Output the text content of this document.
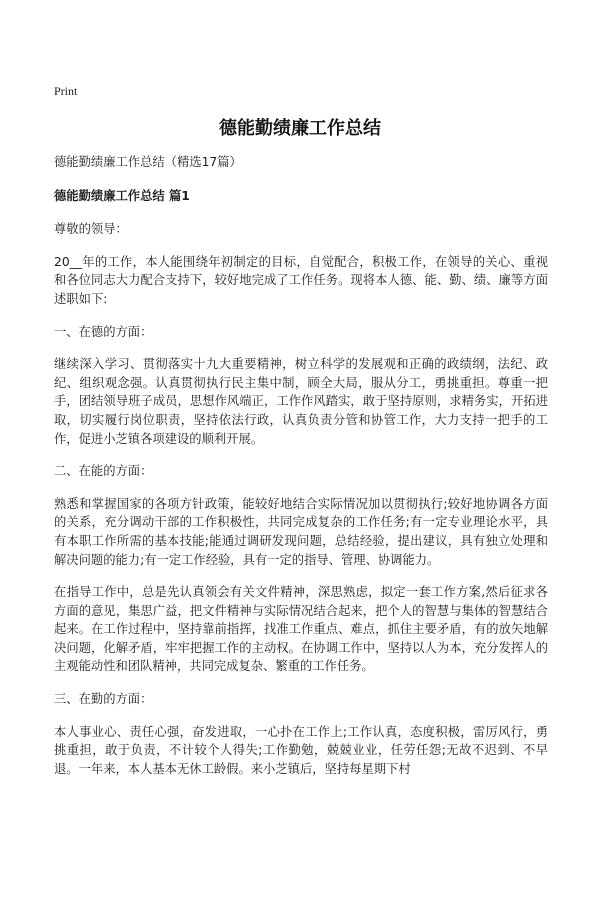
Print
德能勤绩廉工作总结

德能勤绩廉工作总结（精选17篇）

德能勤绩廉工作总结 篇1

尊敬的领导：

20__年的工作，本人能围绕年初制定的目标，自觉配合，积极工作，在领导的关心、重视和各位同志大力配合支持下，较好地完成了工作任务。现将本人德、能、勤、绩、廉等方面述职如下:

一、在德的方面：

继续深入学习、贯彻落实十九大重要精神，树立科学的发展观和正确的政绩纲，法纪、政纪、组织观念强。认真贯彻执行民主集中制，顾全大局，服从分工，勇挑重担。尊重一把手，团结领导班子成员，思想作风端正，工作作风踏实，敢于坚持原则，求精务实，开拓进取，切实履行岗位职责，坚持依法行政，认真负责分管和协管工作，大力支持一把手的工作，促进小芝镇各项建设的顺利开展。

二、在能的方面：

熟悉和掌握国家的各项方针政策，能较好地结合实际情况加以贯彻执行;较好地协调各方面的关系，充分调动干部的工作积极性，共同完成复杂的工作任务;有一定专业理论水平，具有本职工作所需的基本技能;能通过调研发现问题，总结经验，提出建议，具有独立处理和解决问题的能力;有一定工作经验，具有一定的指导、管理、协调能力。

在指导工作中，总是先认真领会有关文件精神，深思熟虑，拟定一套工作方案,然后征求各方面的意见，集思广益，把文件精神与实际情况结合起来，把个人的智慧与集体的智慧结合起来。在工作过程中，坚持靠前指挥，找准工作重点、难点，抓住主要矛盾，有的放矢地解决问题，化解矛盾，牢牢把握工作的主动权。在协调工作中，坚持以人为本，充分发挥人的主观能动性和团队精神，共同完成复杂、繁重的工作任务。

三、在勤的方面：

本人事业心、责任心强，奋发进取，一心扑在工作上;工作认真，态度积极，雷厉风行，勇挑重担，敢于负责，不计较个人得失;工作勤勉，兢兢业业，任劳任怨;无故不迟到、不早退。一年来，本人基本无休工龄假。来小芝镇后，坚持每星期下村
